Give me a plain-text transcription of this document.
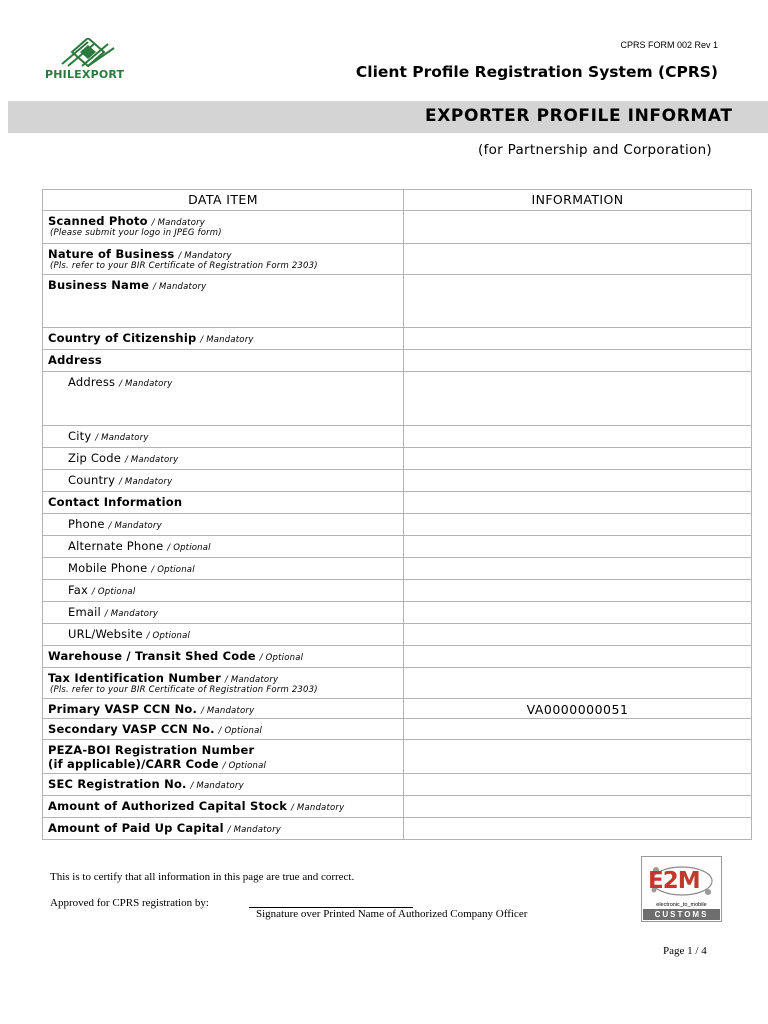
PHILEXPORT
CPRS FORM 002 Rev 1
Client Profile Registration System (CPRS)
EXPORTER PROFILE INFORMAT
(for Partnership and Corporation)
DATA ITEM	INFORMATION
Scanned Photo / Mandatory
(Please submit your logo in JPEG form)	

Nature of Business / Mandatory
(Pls. refer to your BIR Certificate of Registration Form 2303)	

Business Name / Mandatory	
Country of Citizenship / Mandatory	
Address	
Address / Mandatory	
City / Mandatory	
Zip Code / Mandatory	
Country / Mandatory	
Contact Information	
Phone / Mandatory	
Alternate Phone / Optional	
Mobile Phone / Optional	
Fax / Optional	
Email / Mandatory	
URL/Website / Optional	
Warehouse / Transit Shed Code / Optional	
Tax Identification Number / Mandatory
(Pls. refer to your BIR Certificate of Registration Form 2303)	

Primary VASP CCN No. / Mandatory	VA0000000051
Secondary VASP CCN No. / Optional	
PEZA-BOI Registration Number
(if applicable)/CARR Code / Optional	
SEC Registration No. / Mandatory	
Amount of Authorized Capital Stock / Mandatory	
Amount of Paid Up Capital / Mandatory	
This is to certify that all information in this page are true and correct.
Approved for CPRS registration by:
Signature over Printed Name of Authorized Company Officer
E2M
electronic_to_mobile
CUSTOMS
Page 1 / 4
